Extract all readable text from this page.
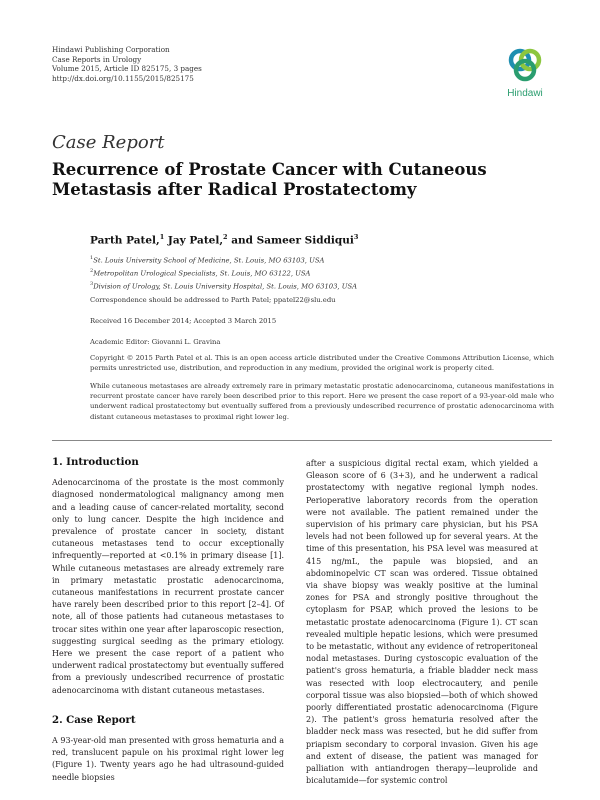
Hindawi Publishing Corporation
Case Reports in Urology
Volume 2015, Article ID 825175, 3 pages
http://dx.doi.org/10.1155/2015/825175
Hindawi
Case Report
Recurrence of Prostate Cancer with Cutaneous Metastasis after Radical Prostatectomy
Parth Patel,$^1$ Jay Patel,$^2$ and Sameer Siddiqui$^3$
$^1$St. Louis University School of Medicine, St. Louis, MO 63103, USA
$^2$Metropolitan Urological Specialists, St. Louis, MO 63122, USA
$^3$Division of Urology, St. Louis University Hospital, St. Louis, MO 63103, USA
Correspondence should be addressed to Parth Patel; ppatel22@slu.edu
Received 16 December 2014; Accepted 3 March 2015
Academic Editor: Giovanni L. Gravina
Copyright © 2015 Parth Patel et al. This is an open access article distributed under the Creative Commons Attribution License, which permits unrestricted use, distribution, and reproduction in any medium, provided the original work is properly cited.
While cutaneous metastases are already extremely rare in primary metastatic prostatic adenocarcinoma, cutaneous manifestations in recurrent prostate cancer have rarely been described prior to this report. Here we present the case report of a 93-year-old male who underwent radical prostatectomy but eventually suffered from a previously undescribed recurrence of prostatic adenocarcinoma with distant cutaneous metastases to proximal right lower leg.
1. Introduction

Adenocarcinoma of the prostate is the most commonly diagnosed nondermatological malignancy among men and a leading cause of cancer-related mortality, second only to lung cancer. Despite the high incidence and prevalence of prostate cancer in society, distant cutaneous metastases tend to occur exceptionally infrequently—reported at <0.1% in primary disease [1]. While cutaneous metastases are already extremely rare in primary metastatic prostatic adenocarcinoma, cutaneous manifestations in recurrent prostate cancer have rarely been described prior to this report [2–4]. Of note, all of those patients had cutaneous metastases to trocar sites within one year after laparoscopic resection, suggesting surgical seeding as the primary etiology. Here we present the case report of a patient who underwent radical prostatectomy but eventually suffered from a previously undescribed recurrence of prostatic adenocarcinoma with distant cutaneous metastases.

2. Case Report

A 93-year-old man presented with gross hematuria and a red, translucent papule on his proximal right lower leg (Figure 1). Twenty years ago he had ultrasound-guided needle biopsies

after a suspicious digital rectal exam, which yielded a Gleason score of 6 (3+3), and he underwent a radical prostatectomy with negative regional lymph nodes. Perioperative laboratory records from the operation were not available. The patient remained under the supervision of his primary care physician, but his PSA levels had not been followed up for several years. At the time of this presentation, his PSA level was measured at 415 ng/mL, the papule was biopsied, and an abdominopelvic CT scan was ordered. Tissue obtained via shave biopsy was weakly positive at the luminal zones for PSA and strongly positive throughout the cytoplasm for PSAP, which proved the lesions to be metastatic prostate adenocarcinoma (Figure 1). CT scan revealed multiple hepatic lesions, which were presumed to be metastatic, without any evidence of retroperitoneal nodal metastases. During cystoscopic evaluation of the patient's gross hematuria, a friable bladder neck mass was resected with loop electrocautery, and penile corporal tissue was also biopsied—both of which showed poorly differentiated prostatic adenocarcinoma (Figure 2). The patient's gross hematuria resolved after the bladder neck mass was resected, but he did suffer from priapism secondary to corporal invasion. Given his age and extent of disease, the patient was managed for palliation with antiandrogen therapy—leuprolide and bicalutamide—for systemic control
